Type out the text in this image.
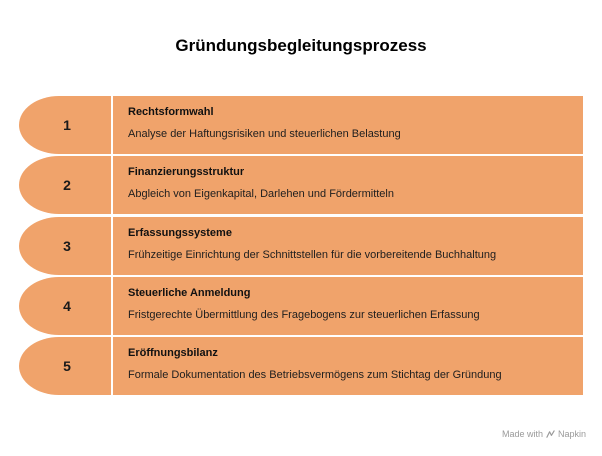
Gründungsbegleitungsprozess
1
Rechtsformwahl
Analyse der Haftungsrisiken und steuerlichen Belastung
2
Finanzierungsstruktur
Abgleich von Eigenkapital, Darlehen und Fördermitteln
3
Erfassungssysteme
Frühzeitige Einrichtung der Schnittstellen für die vorbereitende Buchhaltung
4
Steuerliche Anmeldung
Fristgerechte Übermittlung des Fragebogens zur steuerlichen Erfassung
5
Eröffnungsbilanz
Formale Dokumentation des Betriebsvermögens zum Stichtag der Gründung
Made with Napkin
